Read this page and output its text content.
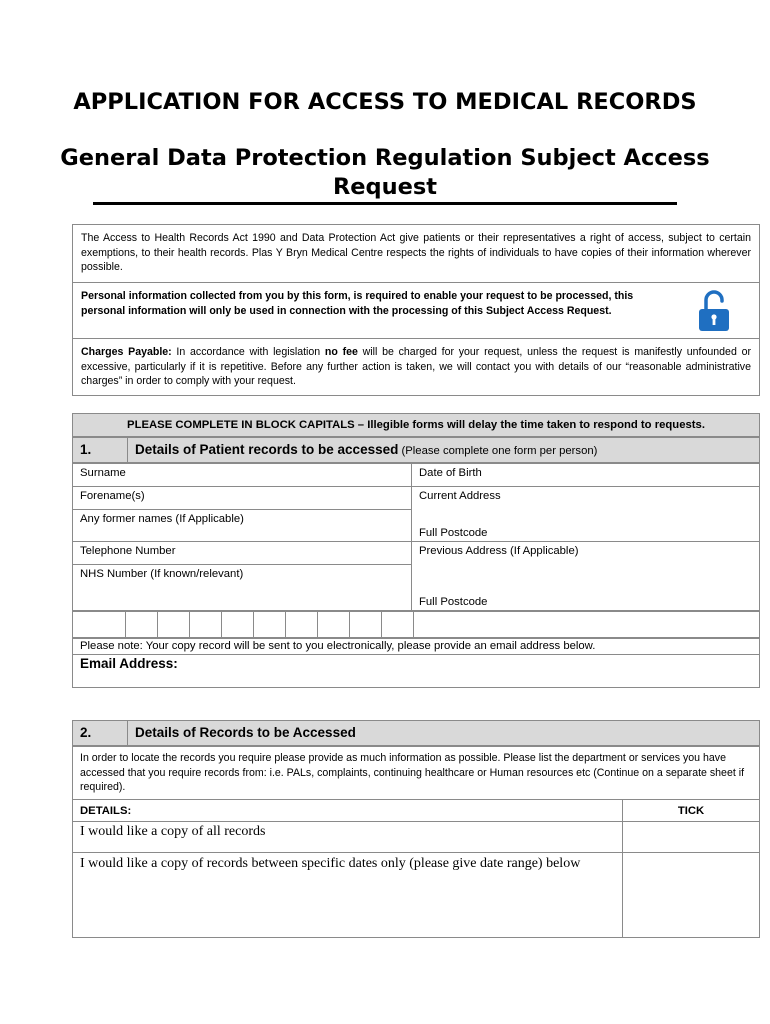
APPLICATION FOR ACCESS TO MEDICAL RECORDS
General Data Protection Regulation Subject Access Request
The Access to Health Records Act 1990 and Data Protection Act give patients or their representatives a right of access, subject to certain exemptions, to their health records. Plas Y Bryn Medical Centre respects the rights of individuals to have copies of their information wherever possible.
Personal information collected from you by this form, is required to enable your request to be processed, this personal information will only be used in connection with the processing of this Subject Access Request.
Charges Payable: In accordance with legislation no fee will be charged for your request, unless the request is manifestly unfounded or excessive, particularly if it is repetitive. Before any further action is taken, we will contact you with details of our “reasonable administrative charges” in order to comply with your request.
PLEASE COMPLETE IN BLOCK CAPITALS – Illegible forms will delay the time taken to respond to requests.
1.	Details of Patient records to be accessed (Please complete one form per person)
Surname	Date of Birth
Forename(s)	Current Address
Full Postcode

Any former names (If Applicable)	
Telephone Number	Previous Address (If Applicable)
Full Postcode

NHS Number (If known/relevant)	

Please note: Your copy record will be sent to you electronically, please provide an email address below.
Email Address:
2.	Details of Records to be Accessed
In order to locate the records you require please provide as much information as possible. Please list the department or services you have accessed that you require records from: i.e. PALs, complaints, continuing healthcare or Human resources etc (Continue on a separate sheet if required).	
DETAILS:	TICK
I would like a copy of all records	
I would like a copy of records between specific dates only (please give date range) below	
